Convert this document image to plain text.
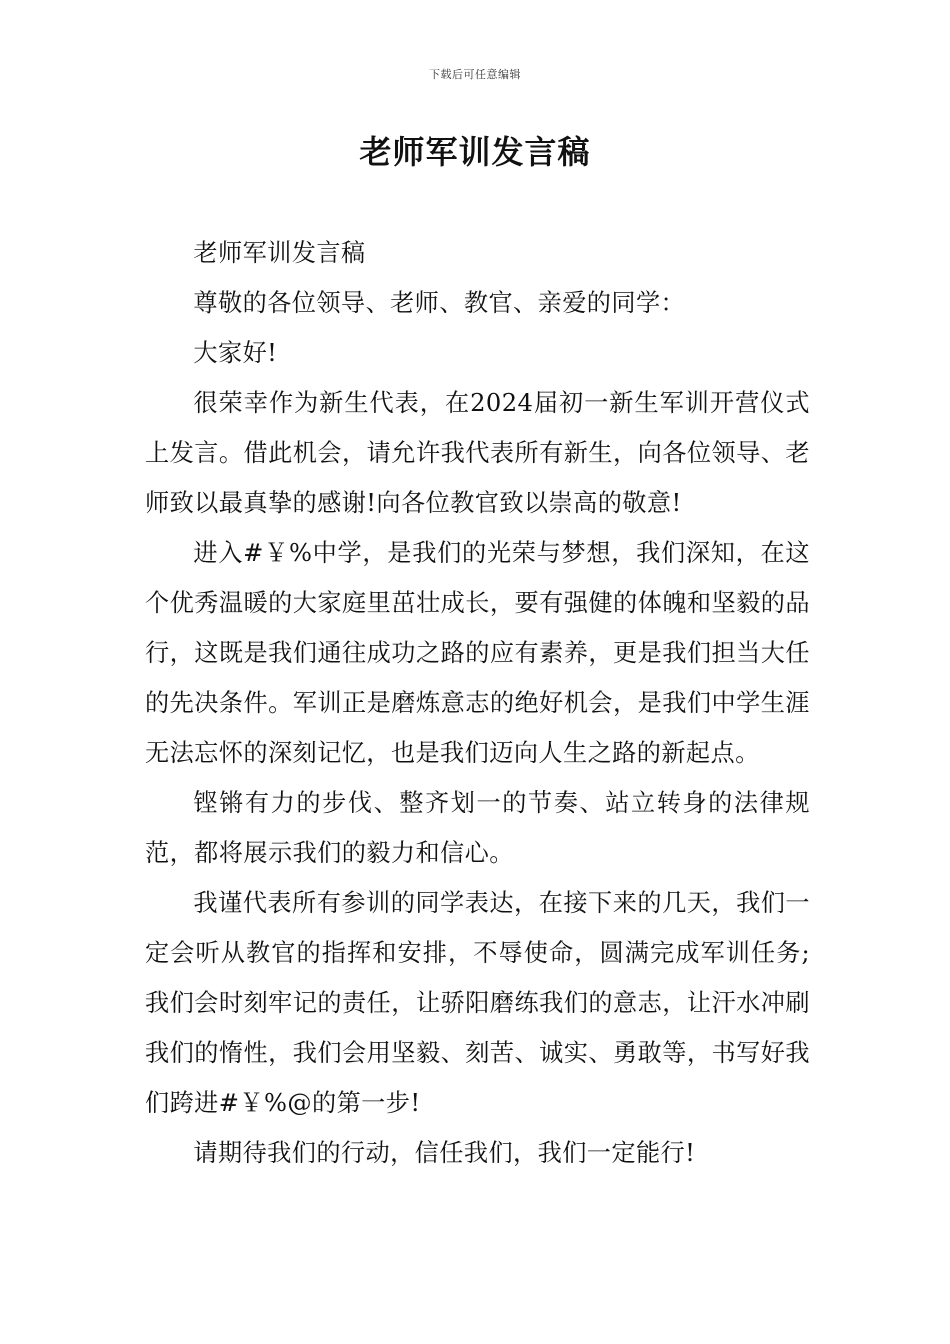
下载后可任意编辑
老师军训发言稿

老师军训发言稿

尊敬的各位领导、老师、教官、亲爱的同学：

大家好!

很荣幸作为新生代表，在2024届初一新生军训开营仪式上发言。借此机会，请允许我代表所有新生，向各位领导、老师致以最真挚的感谢!向各位教官致以崇高的敬意!

进入#￥%中学，是我们的光荣与梦想，我们深知，在这个优秀温暖的大家庭里茁壮成长，要有强健的体魄和坚毅的品行，这既是我们通往成功之路的应有素养，更是我们担当大任的先决条件。军训正是磨炼意志的绝好机会，是我们中学生涯无法忘怀的深刻记忆，也是我们迈向人生之路的新起点。

铿锵有力的步伐、整齐划一的节奏、站立转身的法律规范，都将展示我们的毅力和信心。

我谨代表所有参训的同学表达，在接下来的几天，我们一定会听从教官的指挥和安排，不辱使命，圆满完成军训任务;我们会时刻牢记的责任，让骄阳磨练我们的意志，让汗水冲刷我们的惰性，我们会用坚毅、刻苦、诚实、勇敢等，书写好我们跨进#￥%@的第一步!

请期待我们的行动，信任我们，我们一定能行!
